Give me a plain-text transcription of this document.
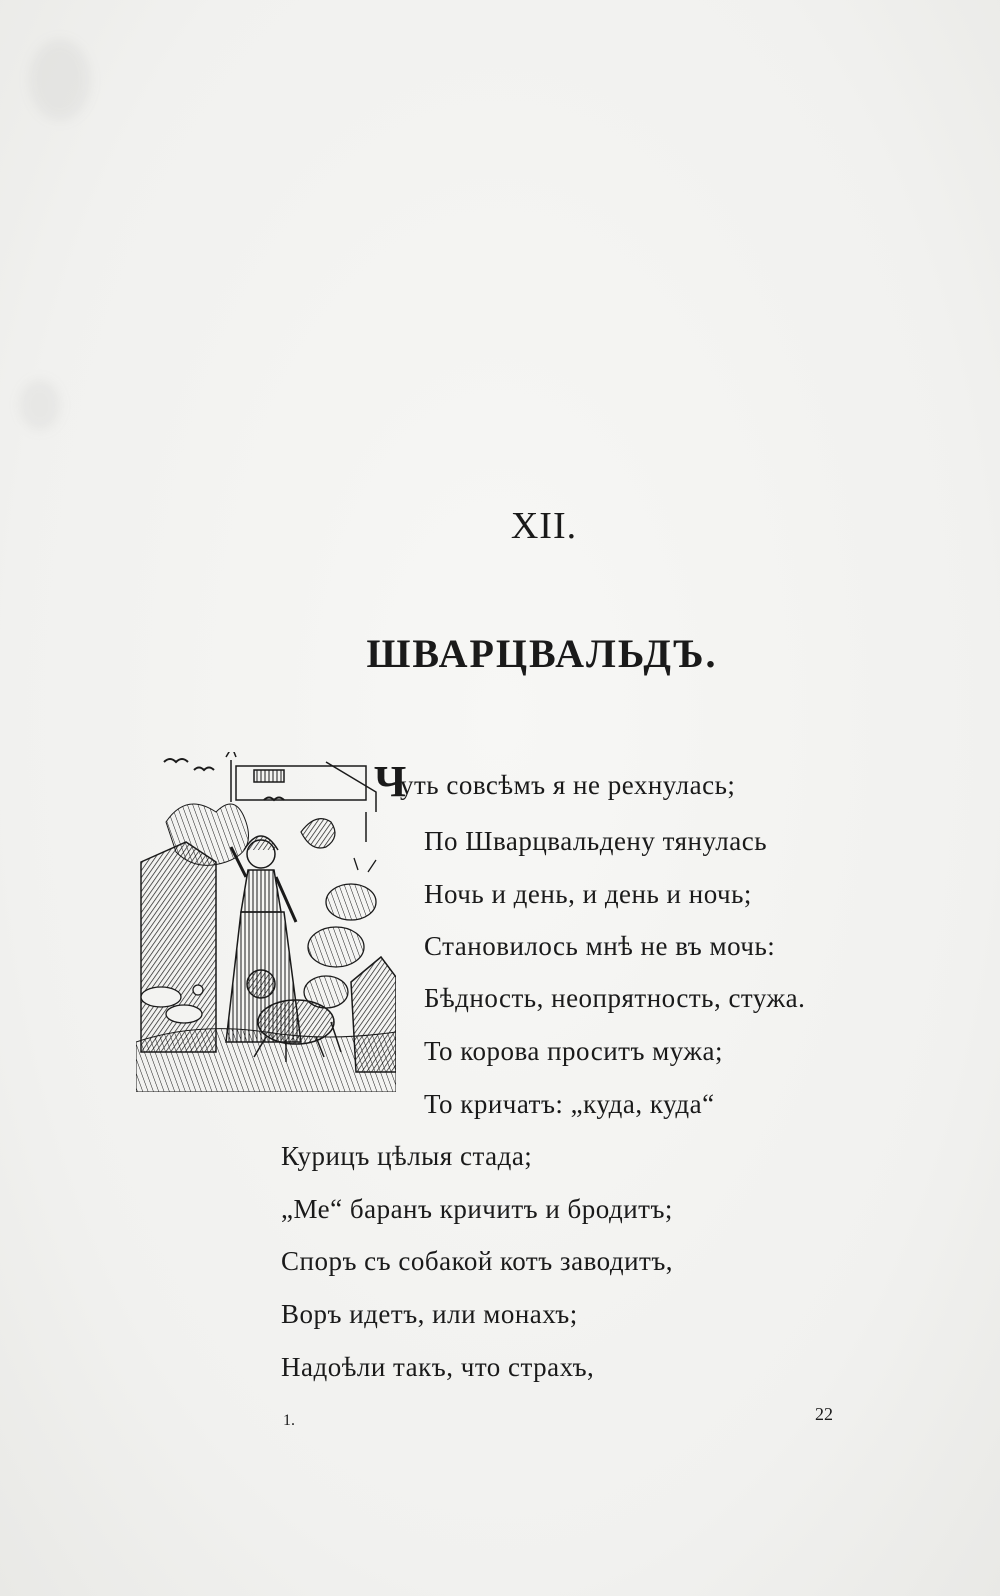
XII.
ШВАРЦВАЛЬДЪ.
Ч
уть совсѣмъ я не рехнулась;
По Шварцвальдену тянулась
Ночь и день, и день и ночь;
Становилось мнѣ не въ мочь:
Бѣдность, неопрятность, стужа.
То корова проситъ мужа;
То кричатъ: „куда, куда“
Курицъ цѣлыя стада;
„Ме“ баранъ кричитъ и бродитъ;
Споръ съ собакой котъ заводитъ,
Воръ идетъ, или монахъ;
Надоѣли такъ, что страхъ,
1.	22
